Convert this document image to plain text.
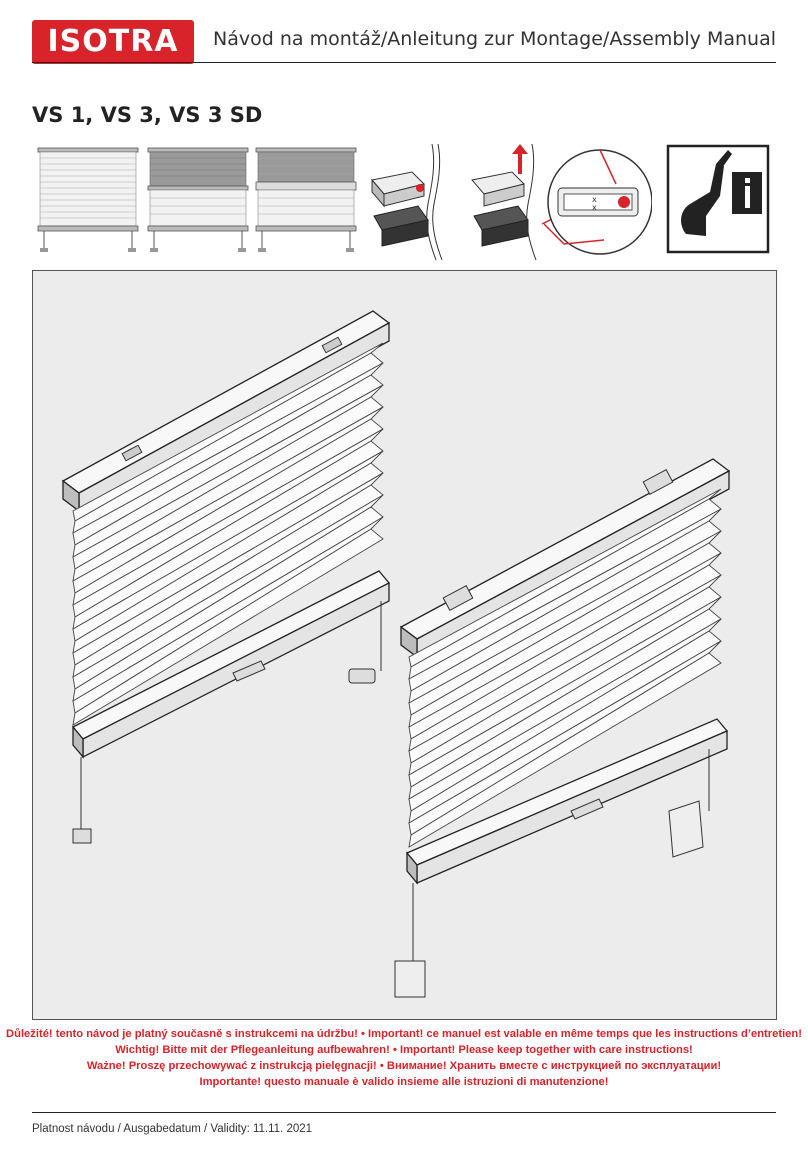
ISOTRA	Návod na montáž/Anleitung zur Montage/Assembly Manual
VS 1, VS 3, VS 3 SD
x
x
Důležité! tento návod je platný současně s instrukcemi na údržbu! • Important! ce manuel est valable en même temps que les instructions d’entretien!
Wichtig! Bitte mit der Pflegeanleitung aufbewahren! • Important! Please keep together with care instructions!
Ważne! Proszę przechowywać z instrukcją pielęgnacji! • Внимание! Хранить вместе с инструкцией по эксплуатации!
Importante! questo manuale è valido insieme alle istruzioni di manutenzione!
Platnost návodu / Ausgabedatum / Validity: 11.11. 2021
